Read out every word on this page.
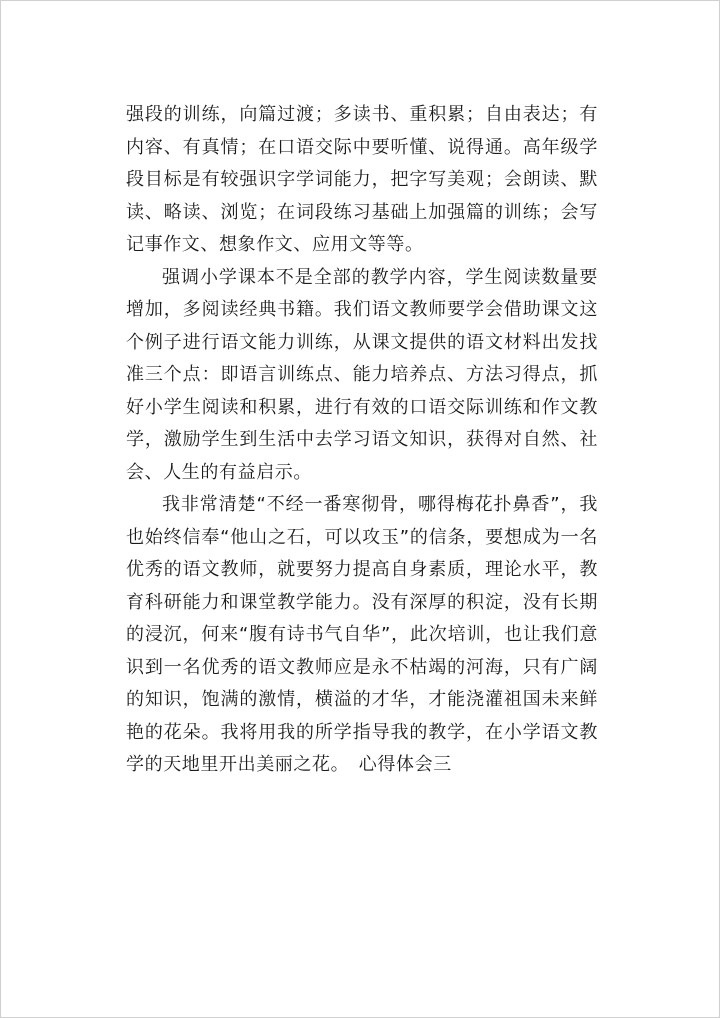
强段的训练，向篇过渡；多读书、重积累；自由表达；有内容、有真情；在口语交际中要听懂、说得通。高年级学段目标是有较强识字学词能力，把字写美观；会朗读、默读、略读、浏览；在词段练习基础上加强篇的训练；会写记事作文、想象作文、应用文等等。

强调小学课本不是全部的教学内容，学生阅读数量要增加，多阅读经典书籍。我们语文教师要学会借助课文这个例子进行语文能力训练，从课文提供的语文材料出发找准三个点：即语言训练点、能力培养点、方法习得点，抓好小学生阅读和积累，进行有效的口语交际训练和作文教学，激励学生到生活中去学习语文知识，获得对自然、社会、人生的有益启示。

我非常清楚“不经一番寒彻骨，哪得梅花扑鼻香”，我也始终信奉“他山之石，可以攻玉”的信条，要想成为一名优秀的语文教师，就要努力提高自身素质，理论水平，教育科研能力和课堂教学能力。没有深厚的积淀，没有长期的浸沉，何来“腹有诗书气自华”，此次培训，也让我们意识到一名优秀的语文教师应是永不枯竭的河海，只有广阔的知识，饱满的激情，横溢的才华，才能浇灌祖国未来鲜艳的花朵。我将用我的所学指导我的教学，在小学语文教学的天地里开出美丽之花。　心得体会三
